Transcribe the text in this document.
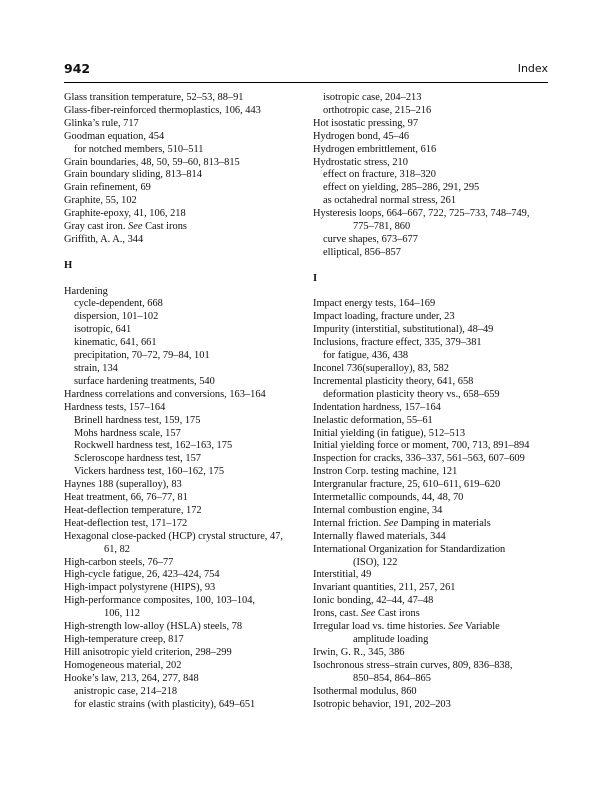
942	Index
Glass transition temperature, 52–53, 88–91
Glass-fiber-reinforced thermoplastics, 106, 443
Glinka’s rule, 717
Goodman equation, 454
for notched members, 510–511
Grain boundaries, 48, 50, 59–60, 813–815
Grain boundary sliding, 813–814
Grain refinement, 69
Graphite, 55, 102
Graphite-epoxy, 41, 106, 218
Gray cast iron. See Cast irons
Griffith, A. A., 344
H
Hardening
cycle-dependent, 668
dispersion, 101–102
isotropic, 641
kinematic, 641, 661
precipitation, 70–72, 79–84, 101
strain, 134
surface hardening treatments, 540
Hardness correlations and conversions, 163–164
Hardness tests, 157–164
Brinell hardness test, 159, 175
Mohs hardness scale, 157
Rockwell hardness test, 162–163, 175
Scleroscope hardness test, 157
Vickers hardness test, 160–162, 175
Haynes 188 (superalloy), 83
Heat treatment, 66, 76–77, 81
Heat-deflection temperature, 172
Heat-deflection test, 171–172
Hexagonal close-packed (HCP) crystal structure, 47,
61, 82
High-carbon steels, 76–77
High-cycle fatigue, 26, 423–424, 754
High-impact polystyrene (HIPS), 93
High-performance composites, 100, 103–104,
106, 112
High-strength low-alloy (HSLA) steels, 78
High-temperature creep, 817
Hill anisotropic yield criterion, 298–299
Homogeneous material, 202
Hooke’s law, 213, 264, 277, 848
anistropic case, 214–218
for elastic strains (with plasticity), 649–651
isotropic case, 204–213
orthotropic case, 215–216
Hot isostatic pressing, 97
Hydrogen bond, 45–46
Hydrogen embrittlement, 616
Hydrostatic stress, 210
effect on fracture, 318–320
effect on yielding, 285–286, 291, 295
as octahedral normal stress, 261
Hysteresis loops, 664–667, 722, 725–733, 748–749,
775–781, 860
curve shapes, 673–677
elliptical, 856–857
I
Impact energy tests, 164–169
Impact loading, fracture under, 23
Impurity (interstitial, substitutional), 48–49
Inclusions, fracture effect, 335, 379–381
for fatigue, 436, 438
Inconel 736(superalloy), 83, 582
Incremental plasticity theory, 641, 658
deformation plasticity theory vs., 658–659
Indentation hardness, 157–164
Inelastic deformation, 55–61
Initial yielding (in fatigue), 512–513
Initial yielding force or moment, 700, 713, 891–894
Inspection for cracks, 336–337, 561–563, 607–609
Instron Corp. testing machine, 121
Intergranular fracture, 25, 610–611, 619–620
Intermetallic compounds, 44, 48, 70
Internal combustion engine, 34
Internal friction. See Damping in materials
Internally flawed materials, 344
International Organization for Standardization
(ISO), 122
Interstitial, 49
Invariant quantities, 211, 257, 261
Ionic bonding, 42–44, 47–48
Irons, cast. See Cast irons
Irregular load vs. time histories. See Variable
amplitude loading
Irwin, G. R., 345, 386
Isochronous stress–strain curves, 809, 836–838,
850–854, 864–865
Isothermal modulus, 860
Isotropic behavior, 191, 202–203
